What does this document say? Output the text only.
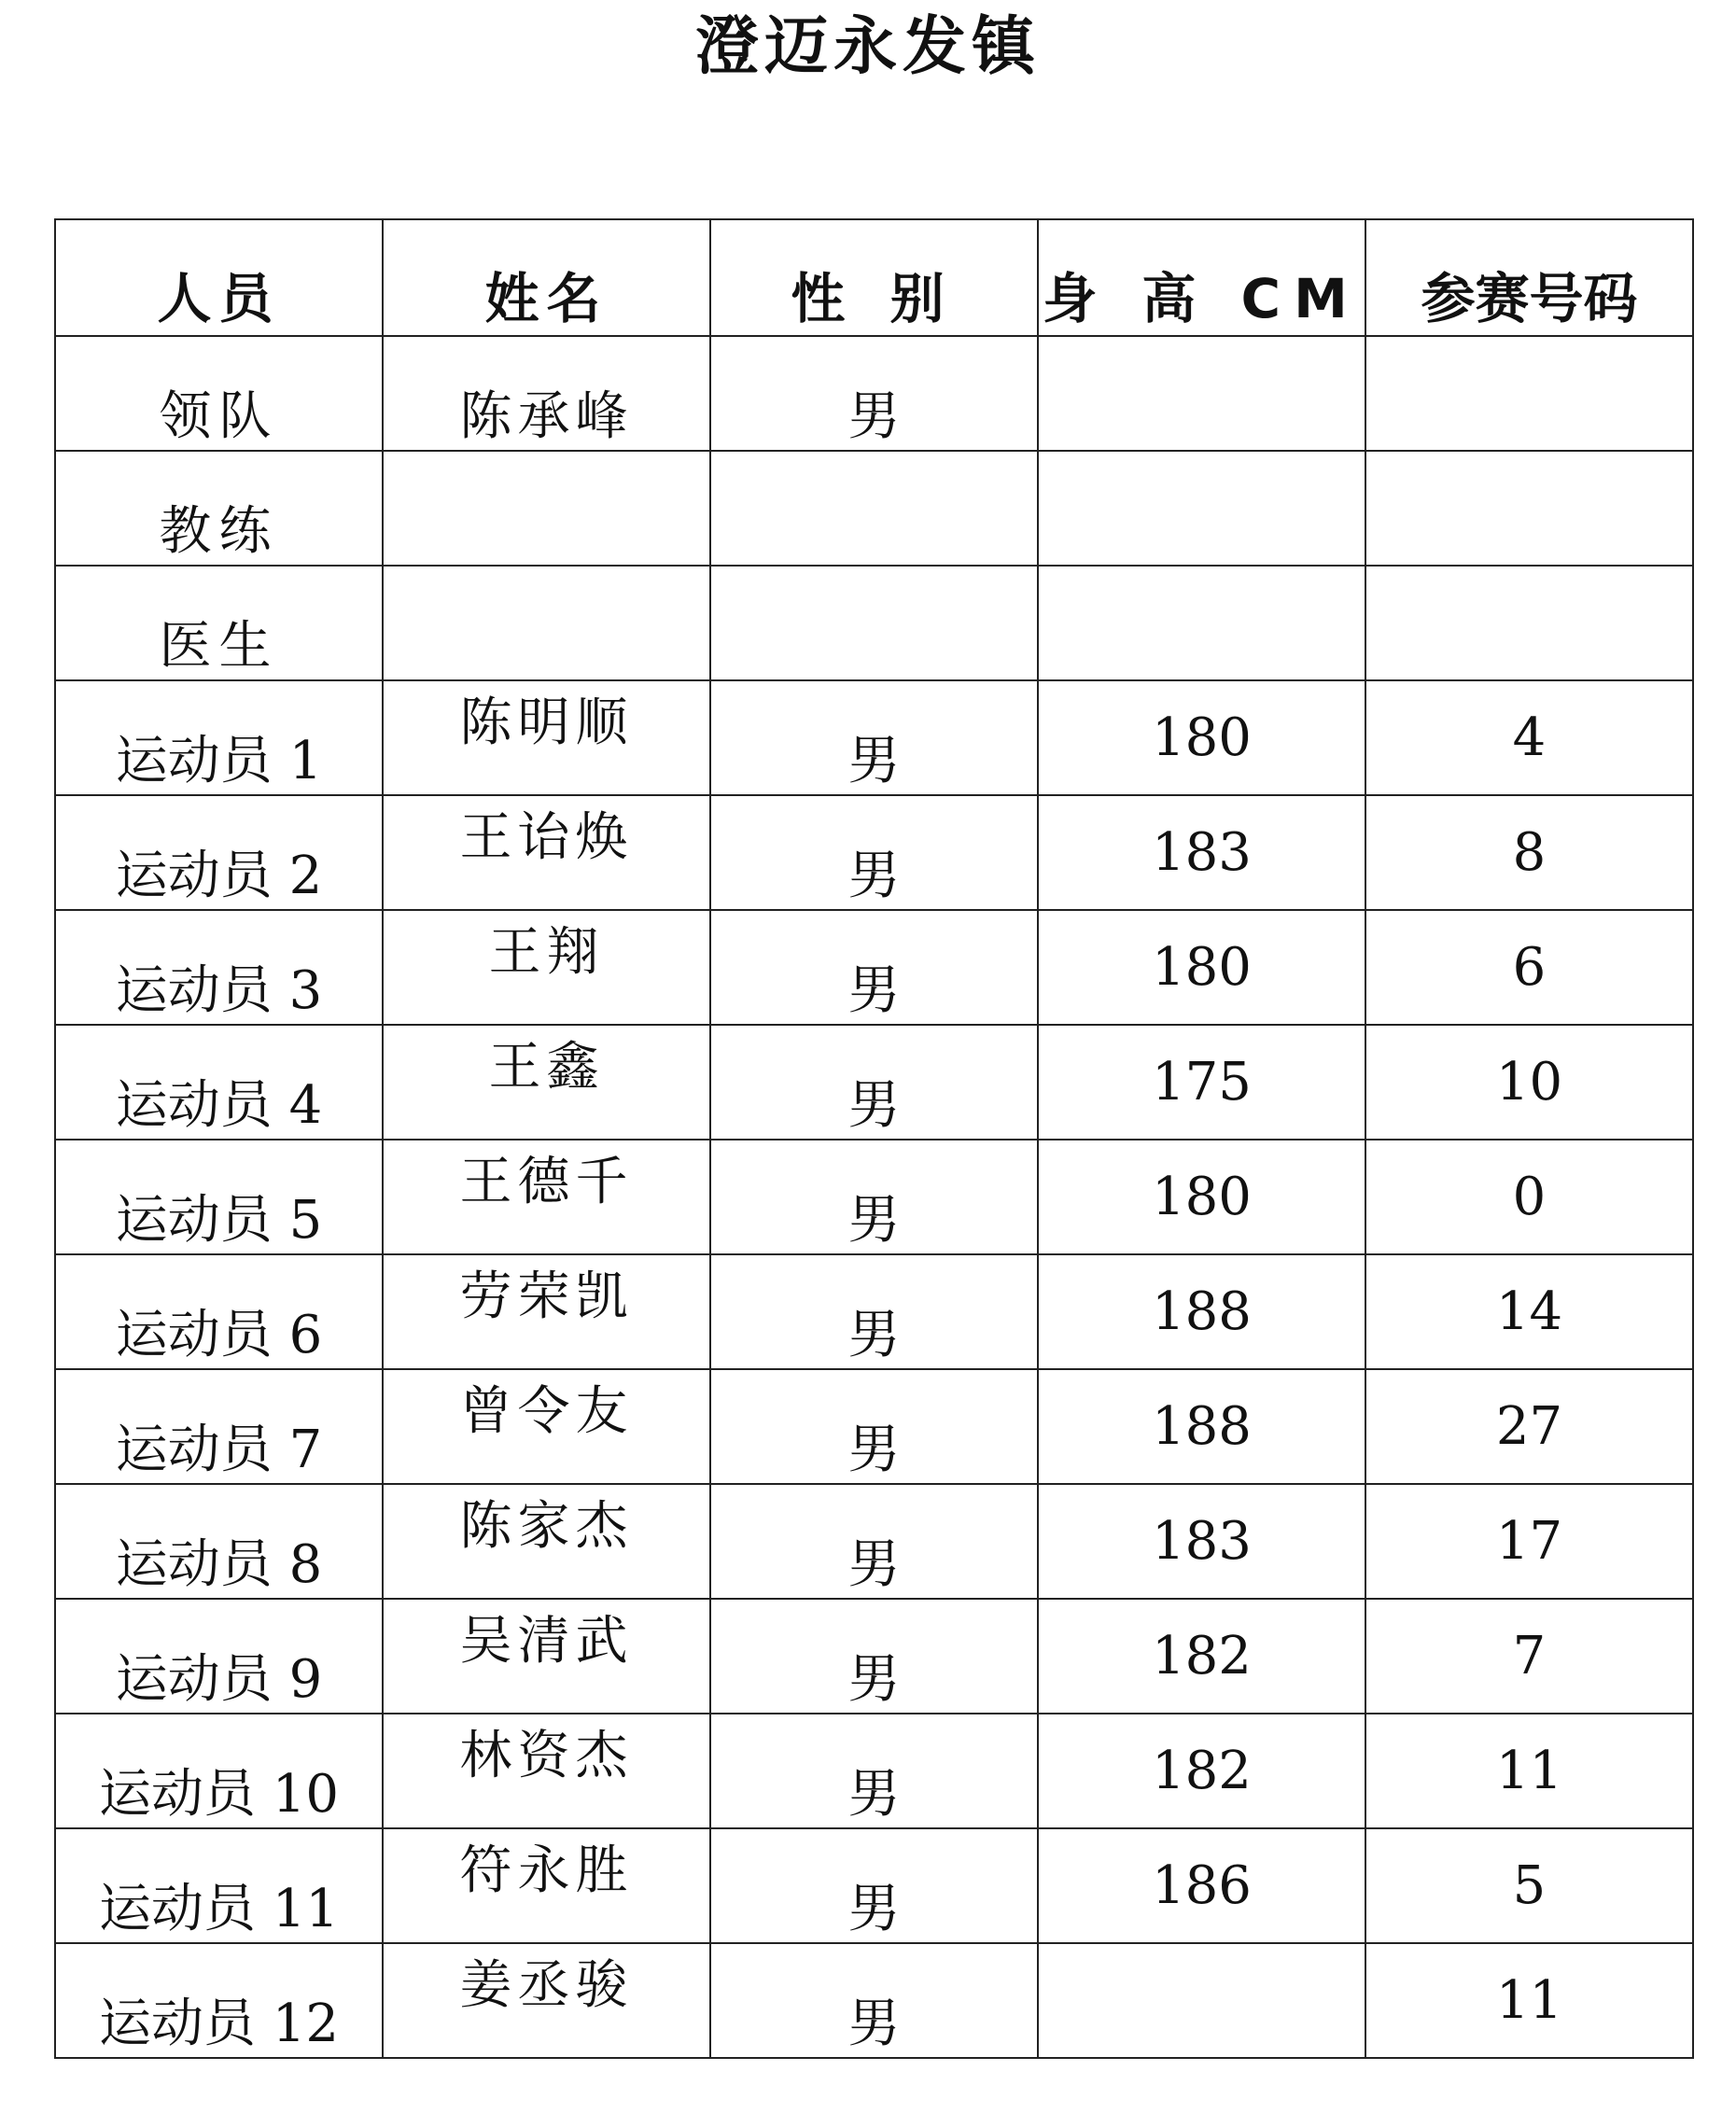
澄迈永发镇
人员	姓名	性 别	身 高 CM	参赛号码
领队	陈承峰	男		
教练				
医生				
运动员 1	陈明顺	男	180	4
运动员 2	王诒焕	男	183	8
运动员 3	王翔	男	180	6
运动员 4	王鑫	男	175	10
运动员 5	王德千	男	180	0
运动员 6	劳荣凯	男	188	14
运动员 7	曾令友	男	188	27
运动员 8	陈家杰	男	183	17
运动员 9	吴清武	男	182	7
运动员 10	林资杰	男	182	11
运动员 11	符永胜	男	186	5
运动员 12	姜丞骏	男		11
